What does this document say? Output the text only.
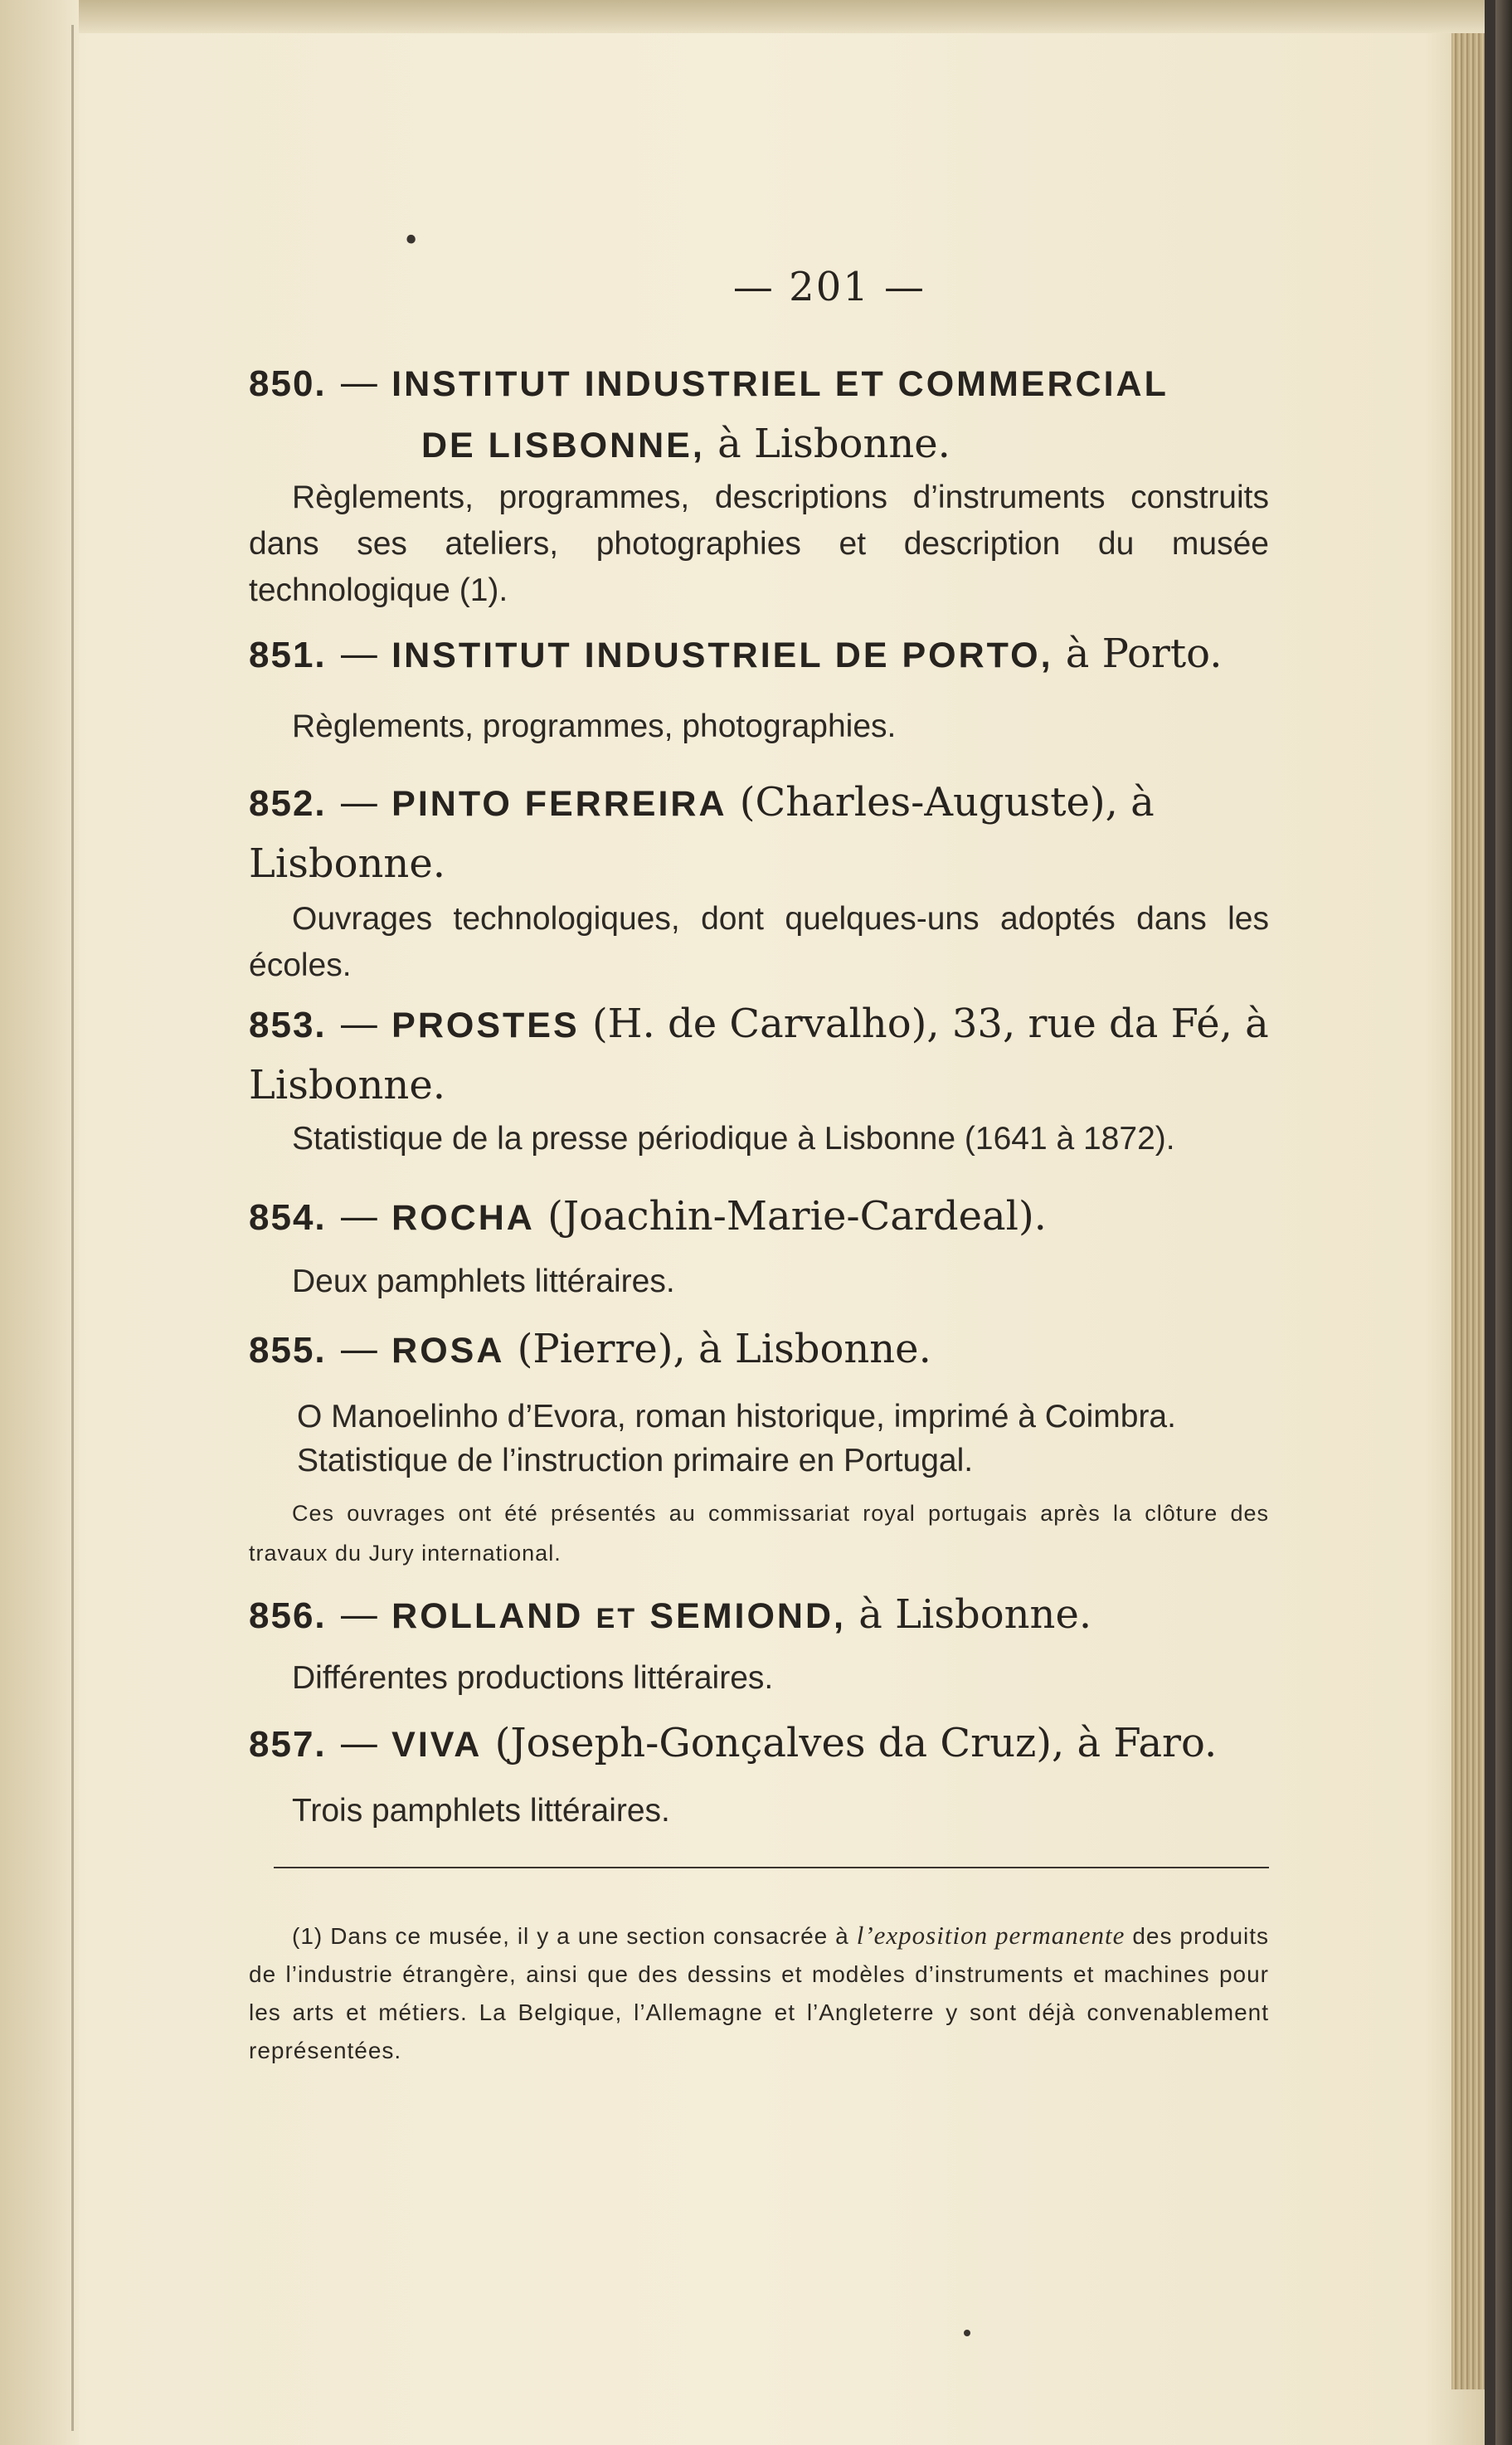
•
— 201 —
850. — INSTITUT INDUSTRIEL ET COMMERCIAL
DE LISBONNE, à Lisbonne.
Règlements, programmes, descriptions d’instruments construits dans ses ateliers, photographies et description du musée technologique (1).
851. — INSTITUT INDUSTRIEL DE PORTO, à Porto.
Règlements, programmes, photographies.
852. — PINTO FERREIRA (Charles-Auguste), à Lisbonne.
Ouvrages technologiques, dont quelques-uns adoptés dans les écoles.
853. — PROSTES (H. de Carvalho), 33, rue da Fé, à Lisbonne.
Statistique de la presse périodique à Lisbonne (1641 à 1872).
854. — ROCHA (Joachin-Marie-Cardeal).
Deux pamphlets littéraires.
855. — ROSA (Pierre), à Lisbonne.
O Manoelinho d’Evora, roman historique, imprimé à Coimbra.
Statistique de l’instruction primaire en Portugal.
Ces ouvrages ont été présentés au commissariat royal portugais après la clôture des travaux du Jury international.
856. — ROLLAND ET SEMIOND, à Lisbonne.
Différentes productions littéraires.
857. — VIVA (Joseph-Gonçalves da Cruz), à Faro.
Trois pamphlets littéraires.
(1) Dans ce musée, il y a une section consacrée à l’exposition permanente des produits de l’industrie étrangère, ainsi que des dessins et modèles d’instruments et machines pour les arts et métiers. La Belgique, l’Allemagne et l’Angleterre y sont déjà convenablement représentées.
